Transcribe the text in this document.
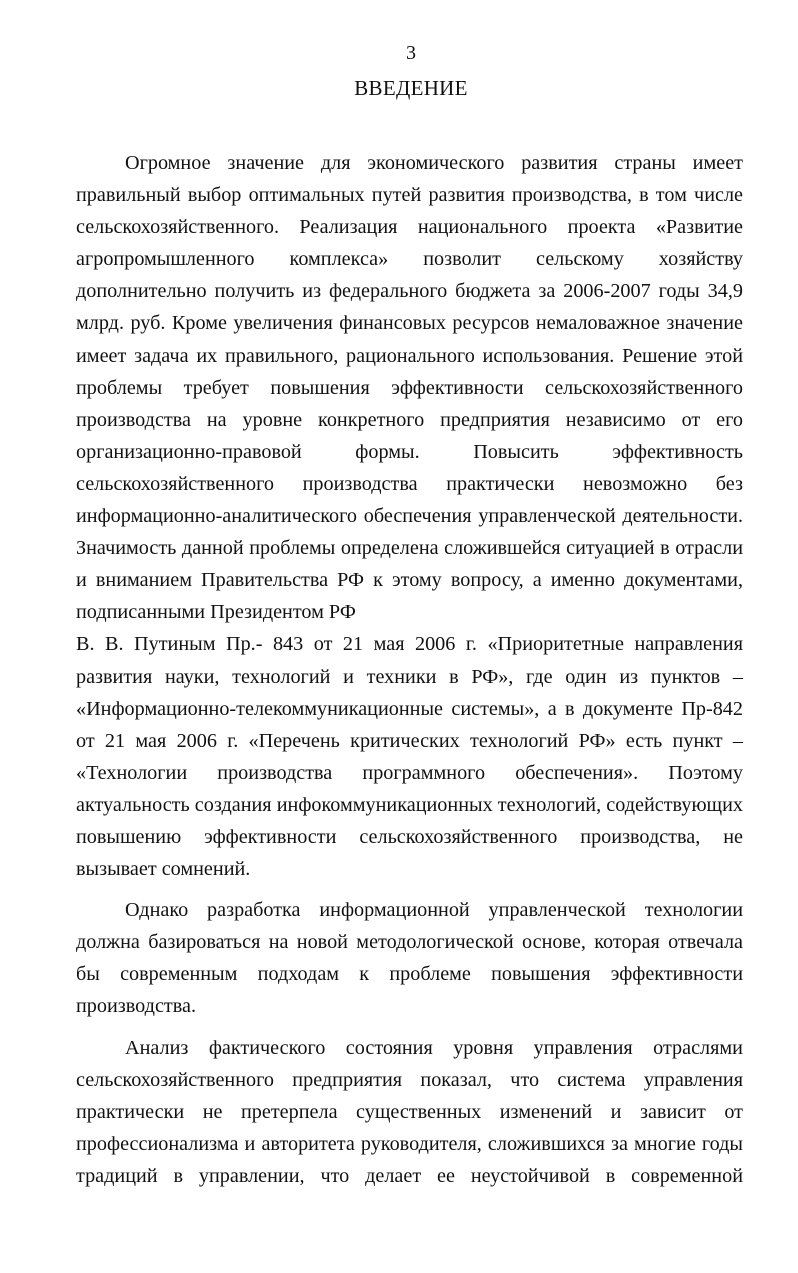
3
ВВЕДЕНИЕ
Огромное значение для экономического развития страны имеет
правильный выбор оптимальных путей развития производства, в том числе
сельскохозяйственного. Реализация национального проекта «Развитие
агропромышленного комплекса» позволит сельскому хозяйству
дополнительно получить из федерального бюджета за 2006-2007 годы 34,9
млрд. руб. Кроме увеличения финансовых ресурсов немаловажное значение
имеет задача их правильного, рационального использования. Решение этой
проблемы требует повышения эффективности сельскохозяйственного
производства на уровне конкретного предприятия независимо от его
организационно-правовой формы. Повысить эффективность
сельскохозяйственного производства практически невозможно без
информационно-аналитического обеспечения управленческой деятельности.
Значимость данной проблемы определена сложившейся ситуацией в отрасли
и вниманием Правительства РФ к этому вопросу, а именно документами,
подписанными Президентом РФ
В. В. Путиным Пр.- 843 от 21 мая 2006 г. «Приоритетные направления
развития науки, технологий и техники в РФ», где один из пунктов –
«Информационно-телекоммуникационные системы», а в документе Пр-842
от 21 мая 2006 г. «Перечень критических технологий РФ» есть пункт –
«Технологии производства программного обеспечения». Поэтому
актуальность создания инфокоммуникационных технологий, содействующих
повышению эффективности сельскохозяйственного производства, не
вызывает сомнений.
Однако разработка информационной управленческой технологии
должна базироваться на новой методологической основе, которая отвечала
бы современным подходам к проблеме повышения эффективности
производства.
Анализ фактического состояния уровня управления отраслями
сельскохозяйственного предприятия показал, что система управления
практически не претерпела существенных изменений и зависит от
профессионализма и авторитета руководителя, сложившихся за многие годы
традиций в управлении, что делает ее неустойчивой в современной
